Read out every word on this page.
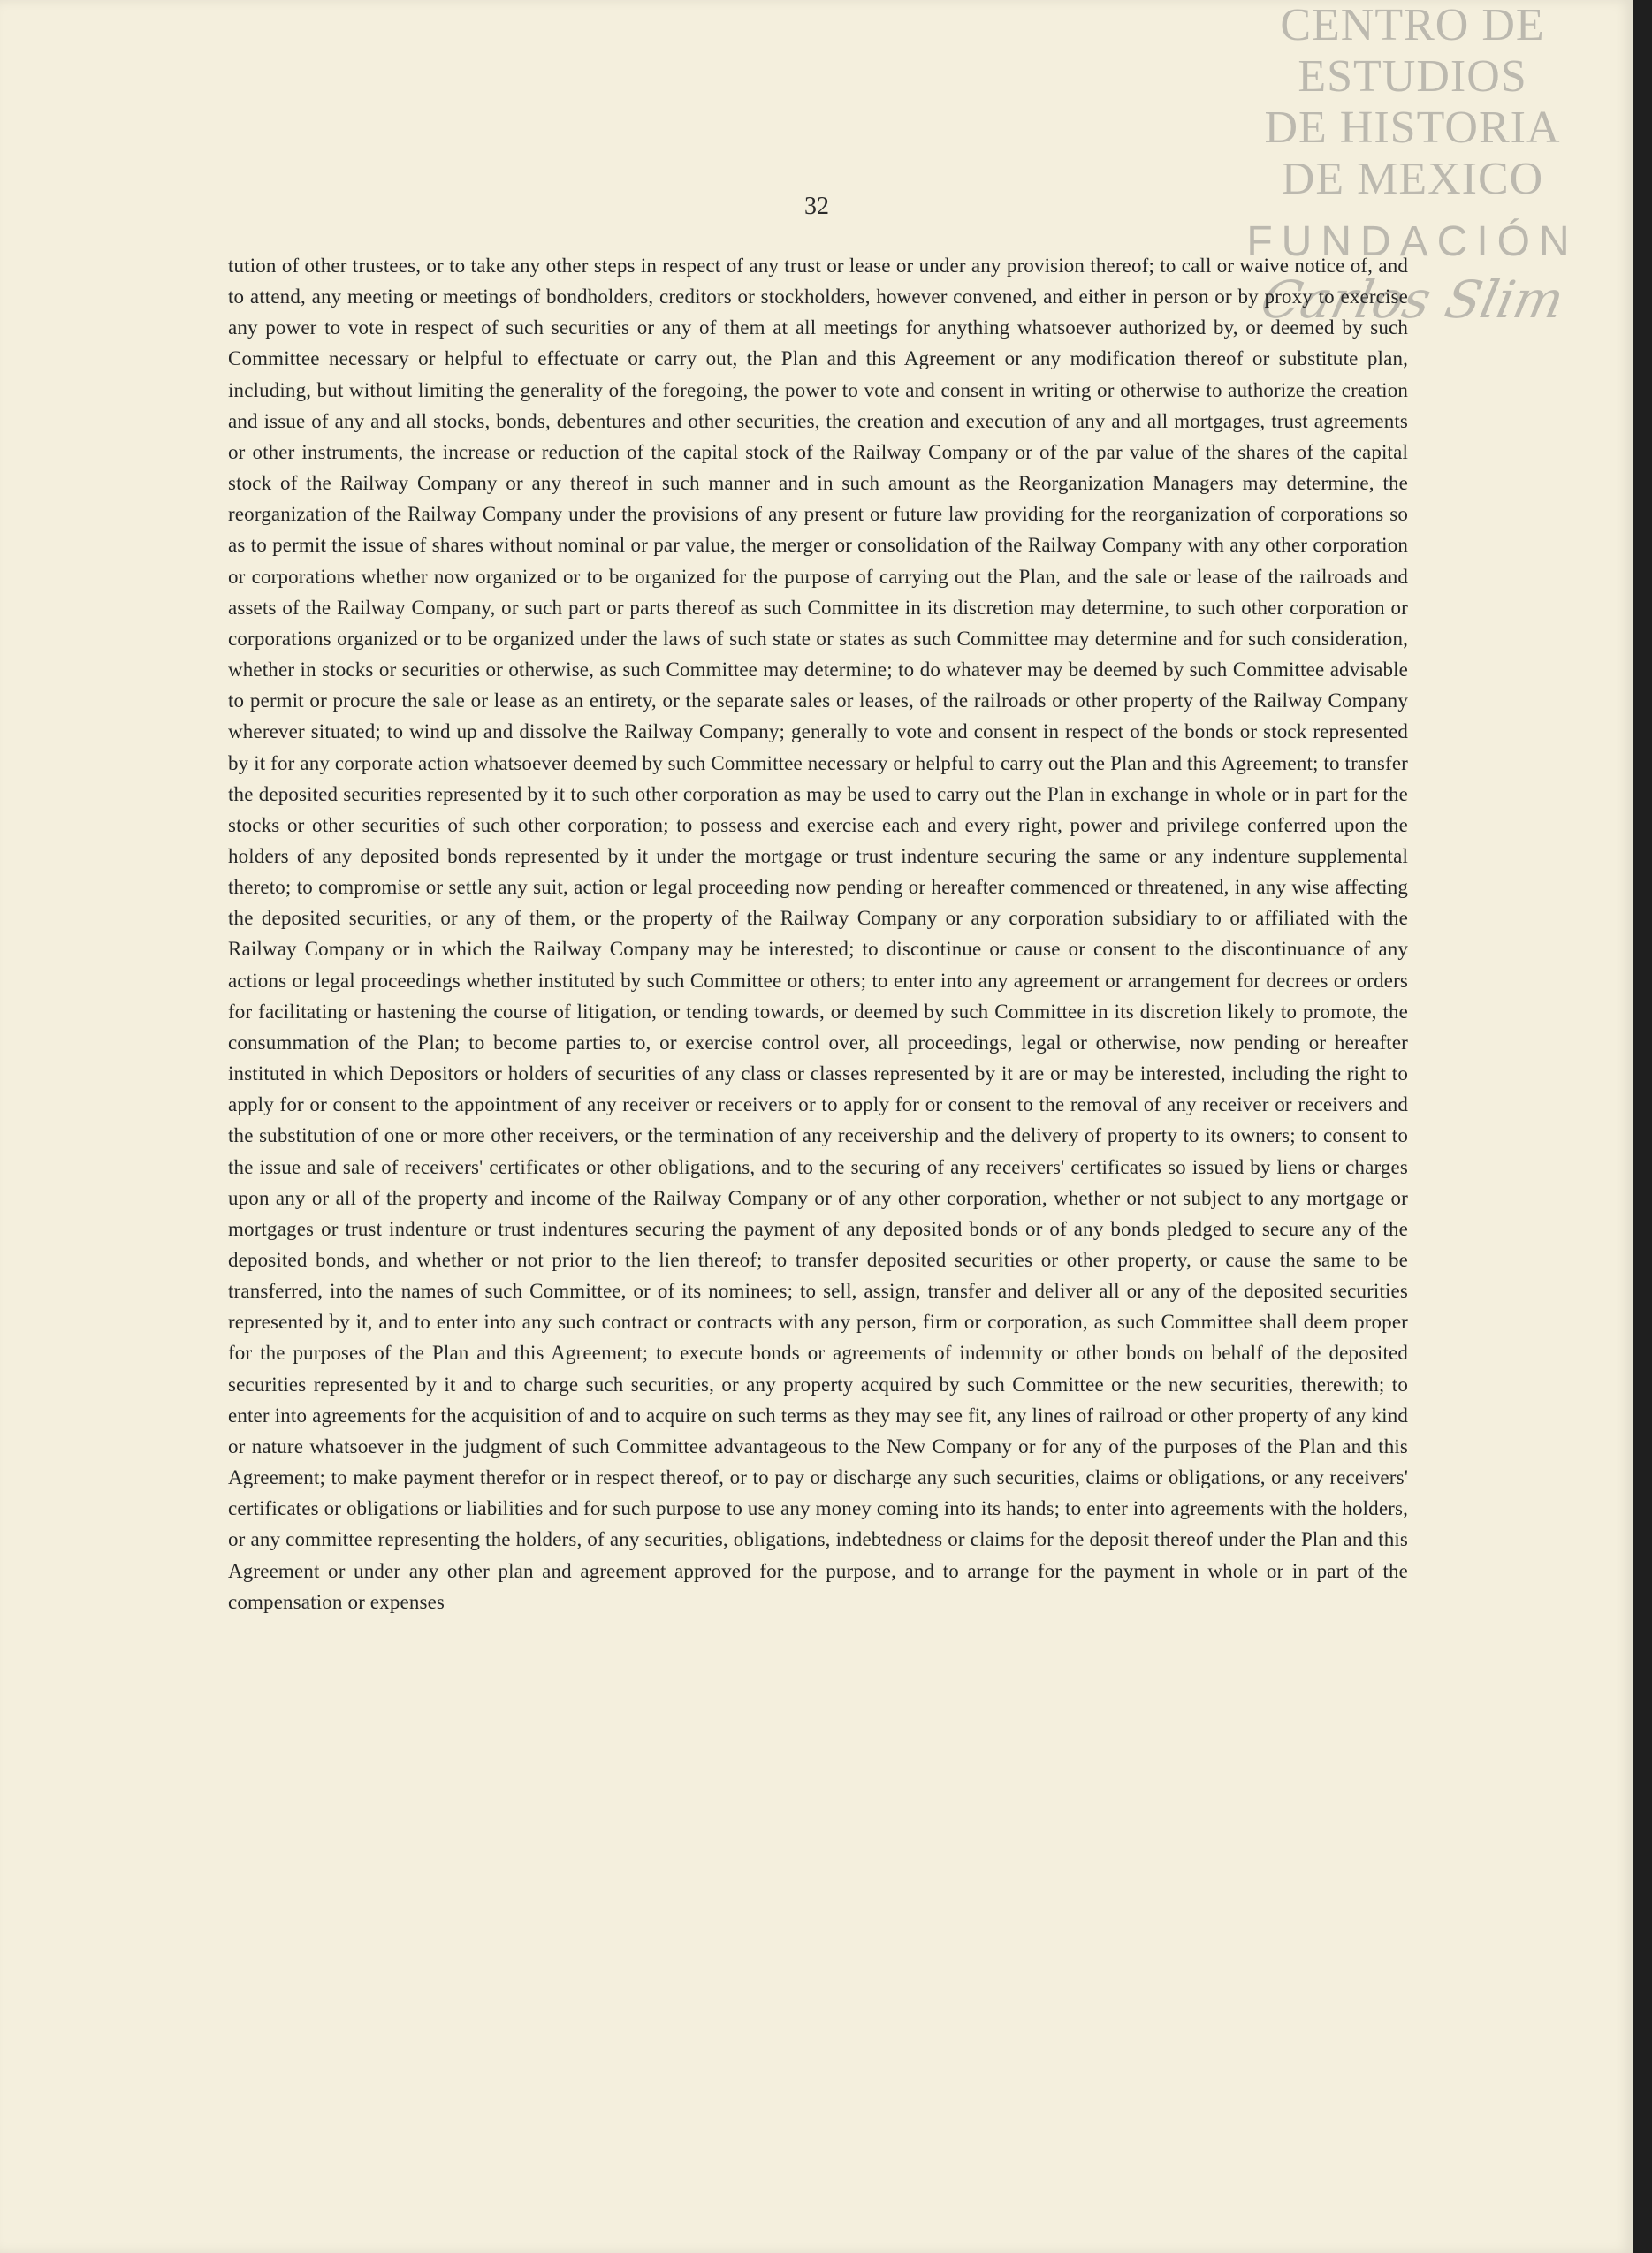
CENTRO DE
ESTUDIOS
DE HISTORIA
DE MEXICO
FUNDACIÓN
Carlos Slim
32

tution of other trustees, or to take any other steps in respect of any trust or lease or under any provision thereof; to call or waive notice of, and to attend, any meeting or meetings of bondholders, creditors or stockholders, however convened, and either in person or by proxy to exercise any power to vote in respect of such securities or any of them at all meetings for anything whatsoever authorized by, or deemed by such Committee necessary or helpful to effectuate or carry out, the Plan and this Agreement or any modification thereof or substitute plan, including, but without limiting the generality of the foregoing, the power to vote and consent in writing or otherwise to authorize the creation and issue of any and all stocks, bonds, debentures and other securities, the creation and execution of any and all mortgages, trust agreements or other instruments, the increase or reduction of the capital stock of the Railway Company or of the par value of the shares of the capital stock of the Railway Company or any thereof in such manner and in such amount as the Reorganization Managers may determine, the reorganization of the Railway Company under the provisions of any present or future law providing for the reorganization of corporations so as to permit the issue of shares without nominal or par value, the merger or consolidation of the Railway Company with any other corporation or corporations whether now organized or to be organized for the purpose of carrying out the Plan, and the sale or lease of the railroads and assets of the Railway Company, or such part or parts thereof as such Committee in its discretion may determine, to such other corporation or corporations organized or to be organized under the laws of such state or states as such Committee may determine and for such consideration, whether in stocks or securities or otherwise, as such Committee may determine; to do whatever may be deemed by such Committee advisable to permit or procure the sale or lease as an entirety, or the separate sales or leases, of the railroads or other property of the Railway Company wherever situated; to wind up and dissolve the Railway Company; generally to vote and consent in respect of the bonds or stock represented by it for any corporate action whatsoever deemed by such Committee necessary or helpful to carry out the Plan and this Agreement; to transfer the deposited securities represented by it to such other corporation as may be used to carry out the Plan in exchange in whole or in part for the stocks or other securities of such other corporation; to possess and exercise each and every right, power and privilege conferred upon the holders of any deposited bonds represented by it under the mortgage or trust indenture securing the same or any indenture supplemental thereto; to compromise or settle any suit, action or legal proceeding now pending or hereafter commenced or threatened, in any wise affecting the deposited securities, or any of them, or the property of the Railway Company or any corporation subsidiary to or affiliated with the Railway Company or in which the Railway Company may be interested; to discontinue or cause or consent to the discontinuance of any actions or legal proceedings whether instituted by such Committee or others; to enter into any agreement or arrangement for decrees or orders for facilitating or hastening the course of litigation, or tending towards, or deemed by such Committee in its discretion likely to promote, the consummation of the Plan; to become parties to, or exercise control over, all proceedings, legal or otherwise, now pending or hereafter instituted in which Depositors or holders of securities of any class or classes represented by it are or may be interested, including the right to apply for or consent to the appointment of any receiver or receivers or to apply for or consent to the removal of any receiver or receivers and the substitution of one or more other receivers, or the termination of any receivership and the delivery of property to its owners; to consent to the issue and sale of receivers' certificates or other obligations, and to the securing of any receivers' certificates so issued by liens or charges upon any or all of the property and income of the Railway Company or of any other corporation, whether or not subject to any mortgage or mortgages or trust indenture or trust indentures securing the payment of any deposited bonds or of any bonds pledged to secure any of the deposited bonds, and whether or not prior to the lien thereof; to transfer deposited securities or other property, or cause the same to be transferred, into the names of such Committee, or of its nominees; to sell, assign, transfer and deliver all or any of the deposited securities represented by it, and to enter into any such contract or contracts with any person, firm or corporation, as such Committee shall deem proper for the purposes of the Plan and this Agreement; to execute bonds or agreements of indemnity or other bonds on behalf of the deposited securities represented by it and to charge such securities, or any property acquired by such Committee or the new securities, therewith; to enter into agreements for the acquisition of and to acquire on such terms as they may see fit, any lines of railroad or other property of any kind or nature whatsoever in the judgment of such Committee advantageous to the New Company or for any of the purposes of the Plan and this Agreement; to make payment therefor or in respect thereof, or to pay or discharge any such securities, claims or obligations, or any receivers' certificates or obligations or liabilities and for such purpose to use any money coming into its hands; to enter into agreements with the holders, or any committee representing the holders, of any securities, obligations, indebtedness or claims for the deposit thereof under the Plan and this Agreement or under any other plan and agreement approved for the purpose, and to arrange for the payment in whole or in part of the compensation or expenses
